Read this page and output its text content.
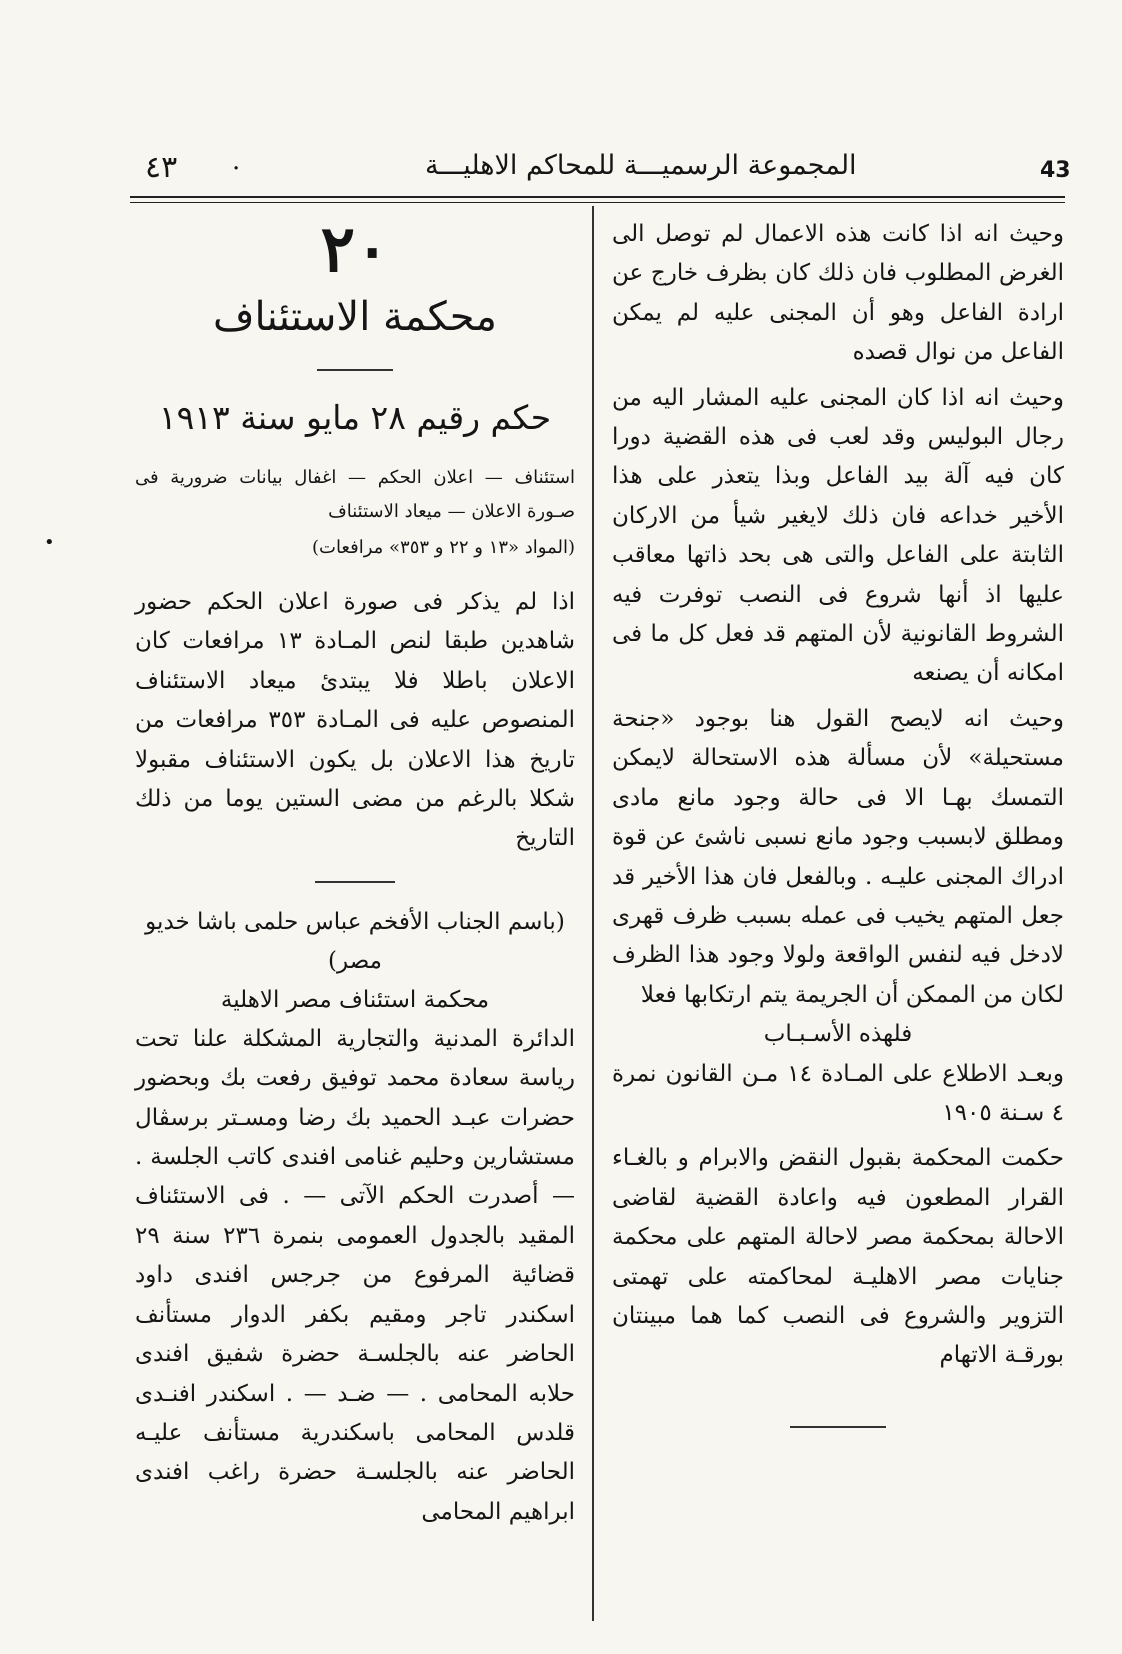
٤٣ ·	المجموعة الرسميـــة للمحاكم الاهليـــة	43
•

وحيث انه اذا كانت هذه الاعمال لم توصل الى الغرض المطلوب فان ذلك كان بظرف خارج عن ارادة الفاعل وهو أن المجنى عليه لم يمكن الفاعل من نوال قصده

وحيث انه اذا كان المجنى عليه المشار اليه من رجال البوليس وقد لعب فى هذه القضية دورا كان فيه آلة بيد الفاعل وبذا يتعذر على هذا الأخير خداعه فان ذلك لايغير شيأ من الاركان الثابتة على الفاعل والتى هى بحد ذاتها معاقب عليها اذ أنها شروع فى النصب توفرت فيه الشروط القانونية لأن المتهم قد فعل كل ما فى امكانه أن يصنعه

وحيث انه لايصح القول هنا بوجود «جنحة مستحيلة» لأن مسألة هذه الاستحالة لايمكن التمسك بهـا الا فى حالة وجود مانع مادى ومطلق لابسبب وجود مانع نسبى ناشئ عن قوة ادراك المجنى عليـه . وبالفعل فان هذا الأخير قد جعل المتهم يخيب فى عمله بسبب ظرف قهرى لادخل فيه لنفس الواقعة ولولا وجود هذا الظرف لكان من الممكن أن الجريمة يتم ارتكابها فعلا

فلهذه الأسـبـاب

وبعـد الاطلاع على المـادة ١٤ مـن القانون نمرة ٤ سـنة ١٩٠٥

حكمت المحكمة بقبول النقض والابرام و بالغـاء القرار المطعون فيه واعادة القضية لقاضى الاحالة بمحكمة مصر لاحالة المتهم على محكمة جنايات مصر الاهليـة لمحاكمته على تهمتى التزوير والشروع فى النصب كما هما مبينتان بورقـة الاتهام

٢٠

محكمة الاستئناف

حكم رقيم ٢٨ مايو سنة ١٩١٣

استئناف — اعلان الحكم — اغفال بيانات ضرورية فى صـورة الاعلان — ميعاد الاستئناف

(المواد «١٣ و ٢٢ و ٣٥٣» مرافعات)

اذا لم يذكر فى صورة اعلان الحكم حضور شاهدين طبقا لنص المـادة ١٣ مرافعات كان الاعلان باطلا فلا يبتدئ ميعاد الاستئناف المنصوص عليه فى المـادة ٣٥٣ مرافعات من تاريخ هذا الاعلان بل يكون الاستئناف مقبولا شكلا بالرغم من مضى الستين يوما من ذلك التاريخ

(باسم الجناب الأفخم عباس حلمى باشا خديو مصر)

محكمة استئناف مصر الاهلية

الدائرة المدنية والتجارية المشكلة علنا تحت رياسة سعادة محمد توفيق رفعت بك وبحضور حضرات عبـد الحميد بك رضا ومسـتر برسڤال مستشارين وحليم غنامى افندى كاتب الجلسة . — أصدرت الحكم الآتى — . فى الاستئناف المقيد بالجدول العمومى بنمرة ٢٣٦ سنة ٢٩ قضائية المرفوع من جرجس افندى داود اسكندر تاجر ومقيم بكفر الدوار مستأنف الحاضر عنه بالجلسـة حضرة شفيق افندى حلابه المحامى . — ضـد — . اسكندر افنـدى قلدس المحامى باسكندرية مستأنف عليـه الحاضر عنه بالجلسـة حضرة راغب افندى ابراهيم المحامى
